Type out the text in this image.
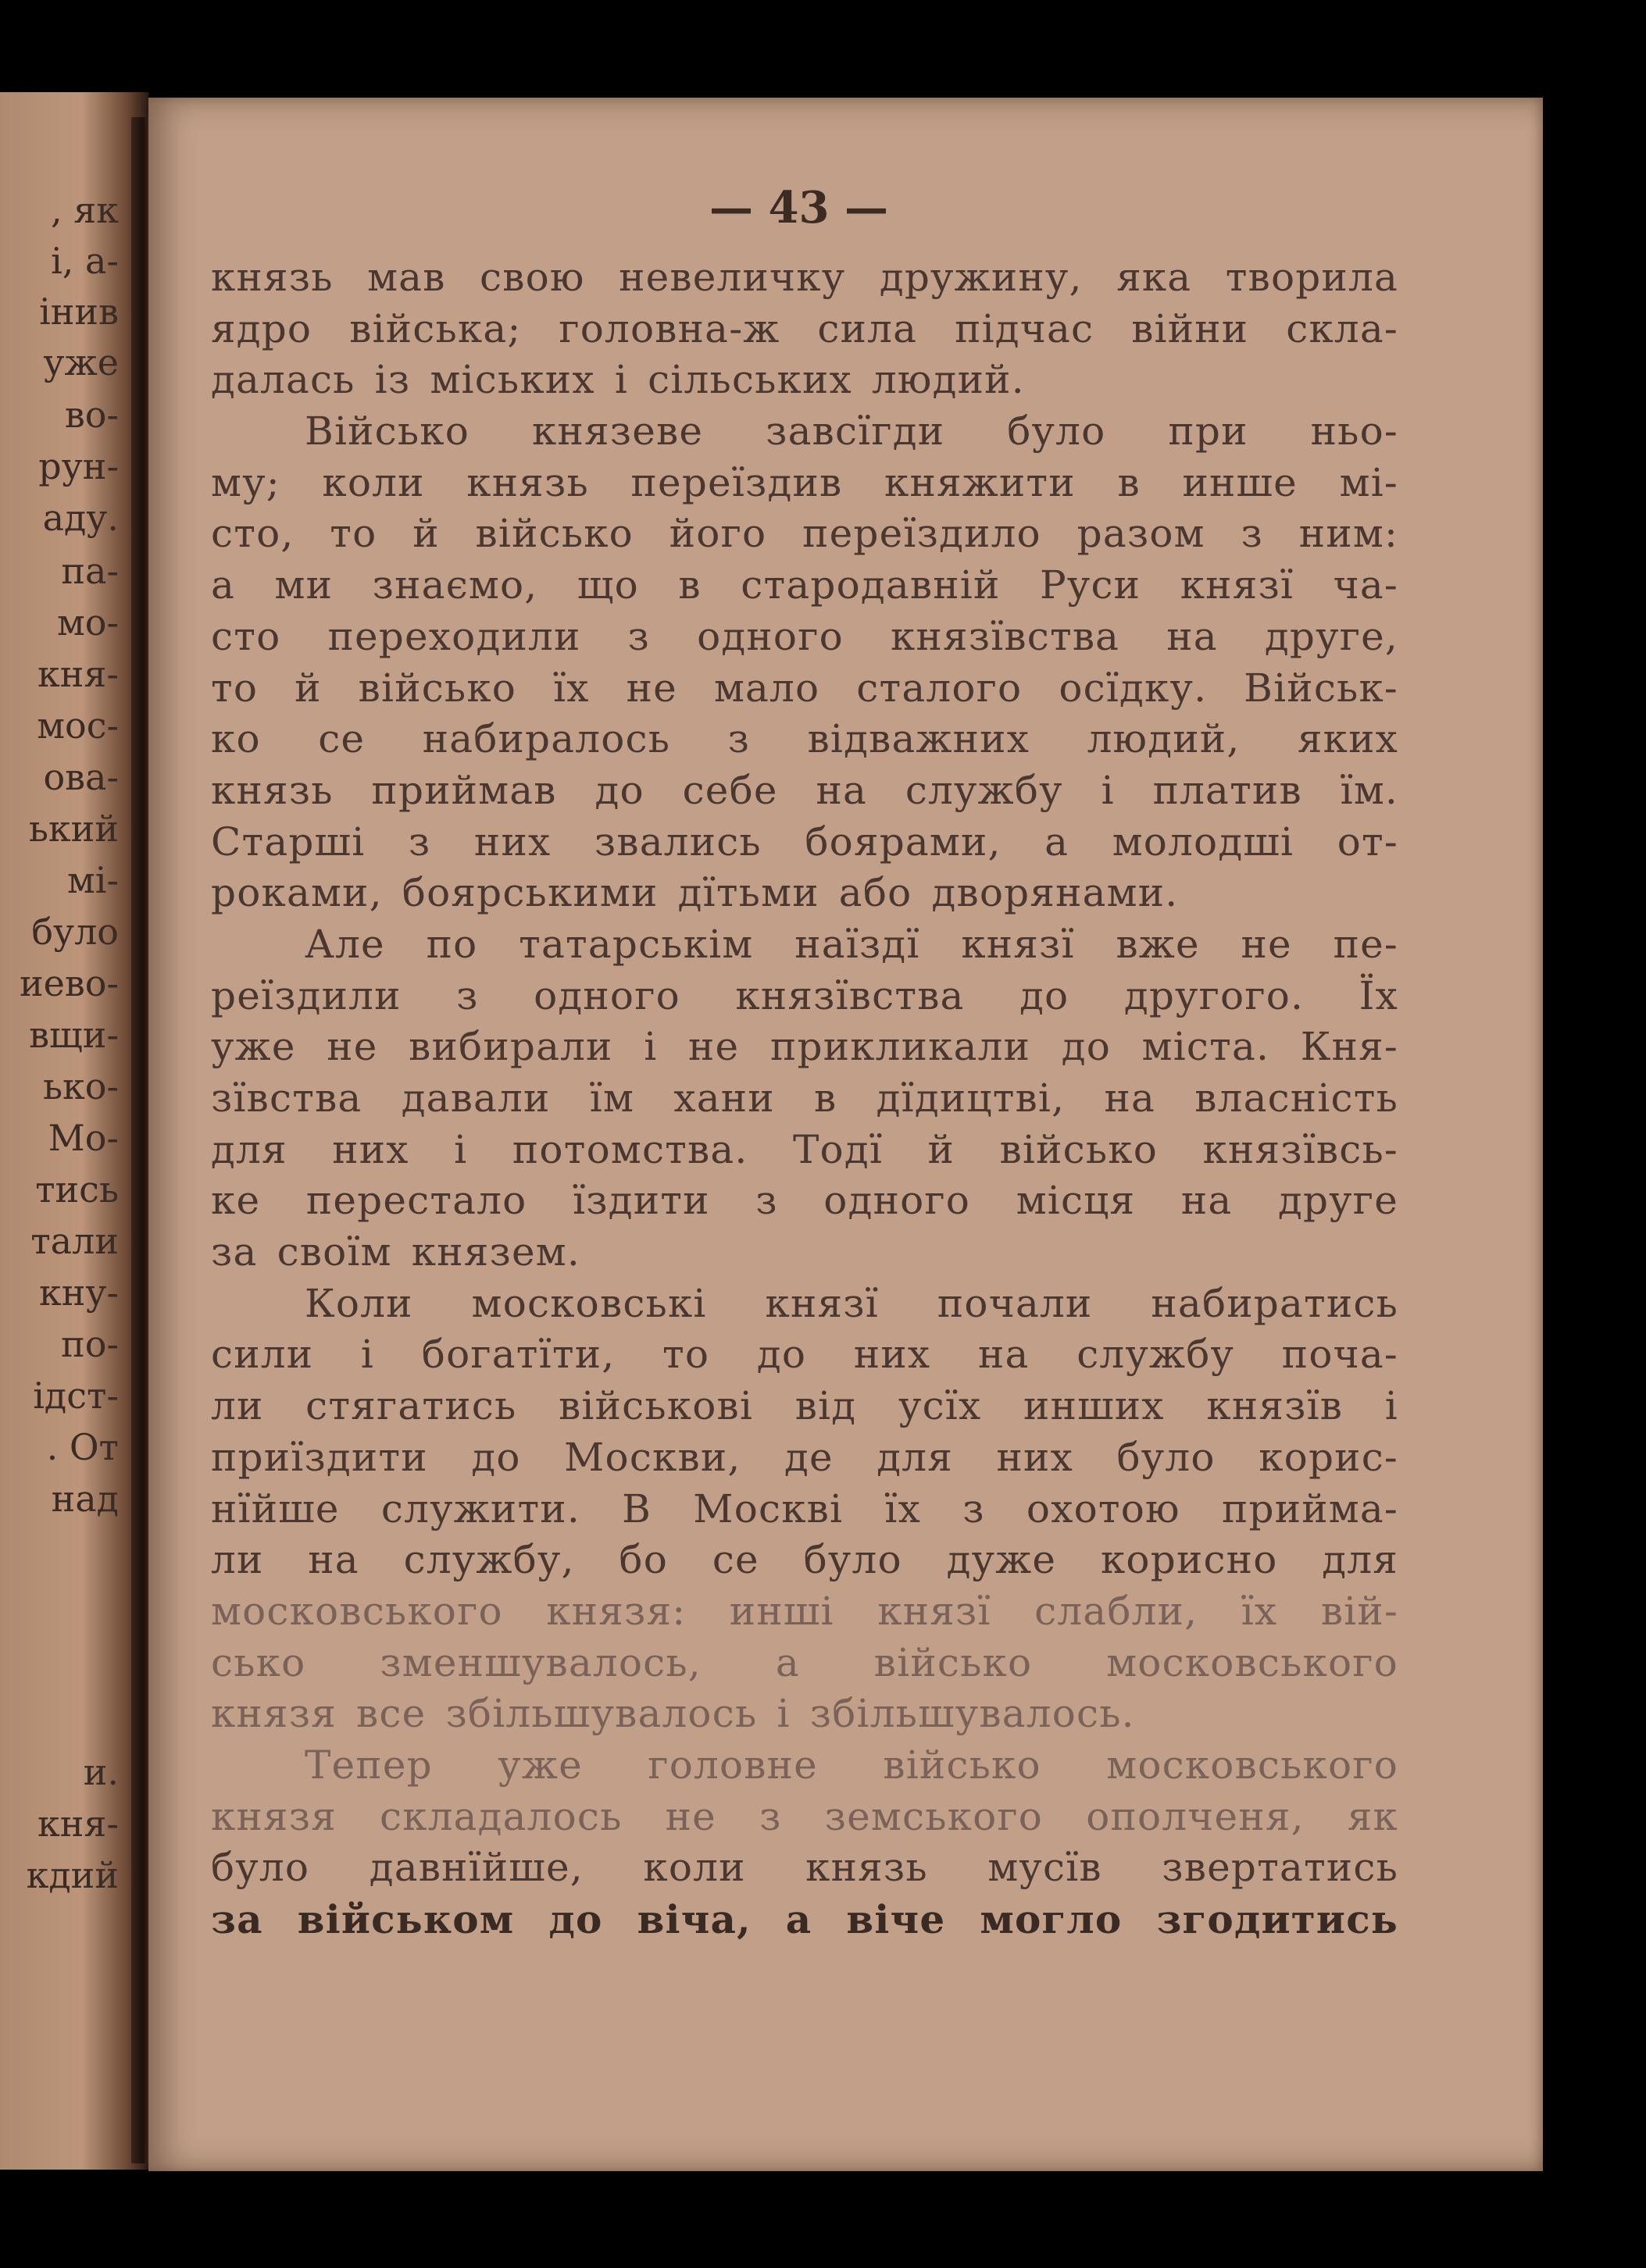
, як
і, а-
інив
уже
во-
рун-
аду.
па-
мо-
кня-
мос-
ова-
ький
мі-
було
иево-
вщи-
ько-
Мо-
тись
тали
кну-
по-
ідст-
. От
над
и.
кня-
кдий
— 43 —
князь мав свою невеличку дружину, яка творила
ядро війська; головна-ж сила підчас війни скла-
далась із міських і сільських людий.
Військо князеве завсїгди було при ньо-
му; коли князь переїздив княжити в инше мі-
сто, то й військо його переїздило разом з ним:
а ми знаємо, що в стародавній Руси князї ча-
сто переходили з одного князївства на друге,
то й військо їх не мало сталого осїдку. Військ-
ко се набиралось з відважних людий, яких
князь приймав до себе на службу і платив їм.
Старші з них звались боярами, а молодші от-
роками, боярськими дїтьми або дворянами.
Але по татарськім наїздї князї вже не пе-
реїздили з одного князївства до другого. Їх
уже не вибирали і не прикликали до міста. Кня-
зївства давали їм хани в дїдицтві, на власність
для них і потомства. Тодї й військо князївсь-
ке перестало їздити з одного місця на друге
за своїм князем.
Коли московські князї почали набиратись
сили і богатїти, то до них на службу поча-
ли стягатись військові від усїх инших князїв і
приїздити до Москви, де для них було корис-
нїйше служити. В Москві їх з охотою прийма-
ли на службу, бо се було дуже корисно для
московського князя: инші князї слабли, їх вій-
сько зменшувалось, а військо московського
князя все збільшувалось і збільшувалось.
Тепер уже головне військо московського
князя складалось не з земського ополченя, як
було давнїйше, коли князь мусїв звертатись
за військом до віча, а віче могло згодитись
